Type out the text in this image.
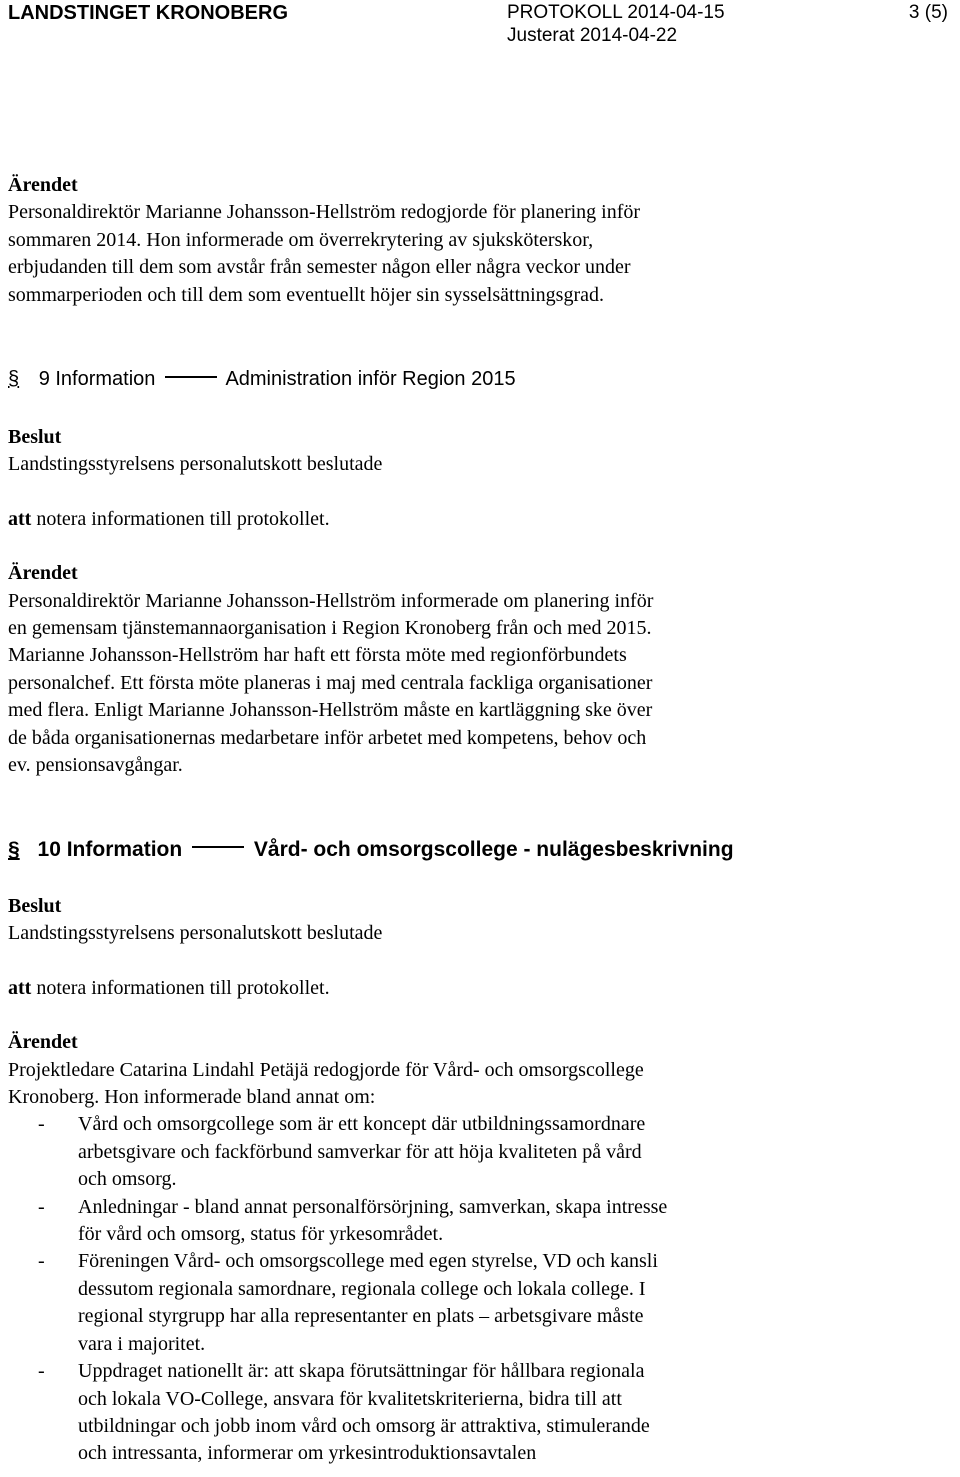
LANDSTINGET KRONOBERG	PROTOKOLL 2014-04-15
Justerat 2014-04-22
3 (5)
Ärendet
Personaldirektör Marianne Johansson-Hellström redogjorde för planering inför
sommaren 2014. Hon informerade om överrekrytering av sjuksköterskor,
erbjudanden till dem som avstår från semester någon eller några veckor under
sommarperioden och till dem som eventuellt höjer sin sysselsättningsgrad.
§ 9 Information	Administration inför Region 2015
Beslut
Landstingsstyrelsens personalutskott beslutade
att notera informationen till protokollet.
Ärendet
Personaldirektör Marianne Johansson-Hellström informerade om planering inför
en gemensam tjänstemannaorganisation i Region Kronoberg från och med 2015.
Marianne Johansson-Hellström har haft ett första möte med regionförbundets
personalchef. Ett första möte planeras i maj med centrala fackliga organisationer
med flera. Enligt Marianne Johansson-Hellström måste en kartläggning ske över
de båda organisationernas medarbetare inför arbetet med kompetens, behov och
ev. pensionsavgångar.
§ 10 Information	Vård- och omsorgscollege - nulägesbeskrivning
Beslut
Landstingsstyrelsens personalutskott beslutade
att notera informationen till protokollet.
Ärendet
Projektledare Catarina Lindahl Petäjä redogjorde för Vård- och omsorgscollege
Kronoberg. Hon informerade bland annat om:
- Vård och omsorgcollege som är ett koncept där utbildningssamordnare
arbetsgivare och fackförbund samverkar för att höja kvaliteten på vård
och omsorg.
- Anledningar - bland annat personalförsörjning, samverkan, skapa intresse
för vård och omsorg, status för yrkesområdet.
- Föreningen Vård- och omsorgscollege med egen styrelse, VD och kansli
dessutom regionala samordnare, regionala college och lokala college. I
regional styrgrupp har alla representanter en plats – arbetsgivare måste
vara i majoritet.
- Uppdraget nationellt är: att skapa förutsättningar för hållbara regionala
och lokala VO-College, ansvara för kvalitetskriterierna, bidra till att
utbildningar och jobb inom vård och omsorg är attraktiva, stimulerande
och intressanta, informerar om yrkesintroduktionsavtalen
